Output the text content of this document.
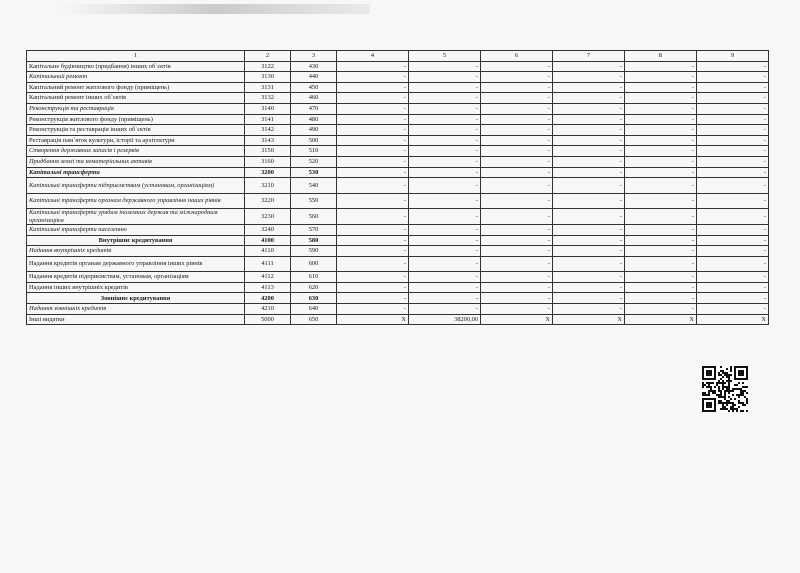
1	2	3	4	5	6	7	8	9
Капітальне будівництво (придбання) інших об`єктів	3122	430	-	-	-	-	-	-
Капітальний ремонт	3130	440	-	-	-	-	-	-
Капітальний ремонт житлового фонду (приміщень)	3131	450	-	-	-	-	-	-
Капітальний ремонт інших об`єктів	3132	460	-	-	-	-	-	-
Реконструкція та реставрація	3140	470	-	-	-	-	-	-
Реконструкція житлового фонду (приміщень)	3141	480	-	-	-	-	-	-
Реконструкція та реставрація інших об`єктів	3142	490	-	-	-	-	-	-
Реставрація пам`яток культури, історії та архітектури	3143	500	-	-	-	-	-	-
Створення державних запасів і резервів	3150	510	-	-	-	-	-	-
Придбання землі та нематеріальних активів	3160	520	-	-	-	-	-	-
Капітальні трансферти	3200	530	-	-	-	-	-	-
Капітальні трансферти підприємствам (установам, організаціям)	3210	540	-	-	-	-	-	-
Капітальні трансферти органам державного управління інших рівнів	3220	550	-	-	-	-	-	-
Капітальні трансферти урядам іноземних держав та міжнародним організаціям	3230	560	-	-	-	-	-	-
Капітальні трансферти населенню	3240	570	-	-	-	-	-	-
Внутрішнє кредитування	4100	580	-	-	-	-	-	-
Надання внутрішніх кредитів	4110	590	-	-	-	-	-	-
Надання кредитів органам державного управління інших рівнів	4111	600	-	-	-	-	-	-
Надання кредитів підприємствам, установам, організаціям	4112	610	-	-	-	-	-	-
Надання інших внутрішніх кредитів	4113	620	-	-	-	-	-	-
Зовнішнє кредитування	4200	630	-	-	-	-	-	-
Надання зовнішніх кредитів	4210	640	-	-	-	-	-	-
Інші видатки	5000	650	X	38200,00	X	X	X	X
